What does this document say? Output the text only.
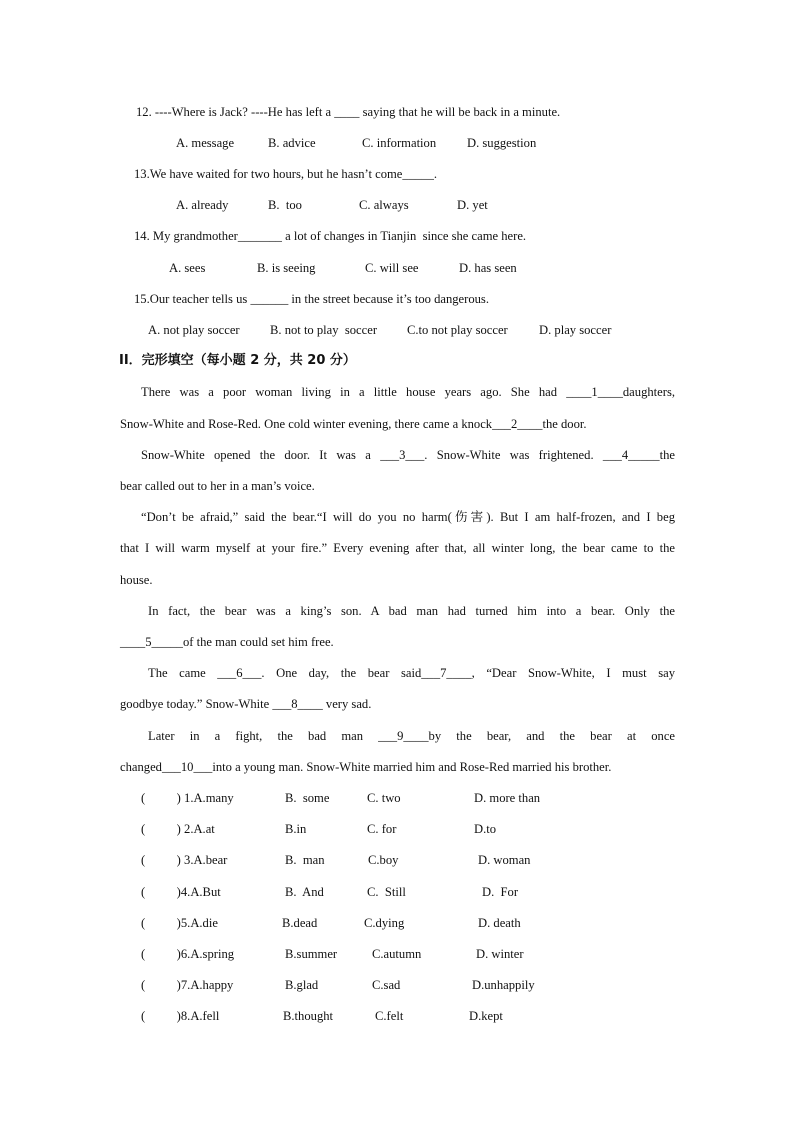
12. ----Where is Jack? ----He has left a ____ saying that he will be back in a minute.
A. message	B. advice	C. information D. suggestion
13.We have waited for two hours, but he hasn’t come_____.
A. already	B.  too	C. always	D. yet
14. My grandmother_______ a lot of changes in Tianjin  since she came here.
A. sees	B. is seeing	C. will see	D. has seen
15.Our teacher tells us ______ in the street because it’s too dangerous.
A. not play soccer B. not to play  soccer C.to not play soccer D. play soccer
II．完形填空（每小题 2 分，共 20 分）
There was a poor woman living in a little house years ago. She had ____1____daughters,
Snow-White and Rose-Red. One cold winter evening, there came a knock___2____the door.
Snow-White opened the door. It was a ___3___. Snow-White was frightened. ___4_____the
bear called out to her in a man’s voice.
“Don’t be afraid,” said the bear.“I will do you no harm(伤害). But I am half-frozen, and I beg
that I will warm myself at your fire.” Every evening after that, all winter long, the bear came to the
house.
In fact, the bear was a king’s son. A bad man had turned him into a bear. Only the
____5_____of the man could set him free.
The came ___6___. One day, the bear said___7____, “Dear Snow-White, I must say
goodbye today.” Snow-White ___8____ very sad.
Later in a fight, the bad man ___9____by the bear, and the bear at once
changed___10___into a young man. Snow-White married him and Rose-Red married his brother.
(          ) 1.A.many	B.  some	C. two	D. more than
(          ) 2.A.at	B.in	C. for	D.to
(          ) 3.A.bear	B.  man	C.boy	D. woman
(          )4.A.But	B.  And	C.  Still	D.  For
(          )5.A.die	B.dead	C.dying	D. death
(          )6.A.spring	B.summer	C.autumn	D. winter
(          )7.A.happy	B.glad	C.sad	D.unhappily
(          )8.A.fell	B.thought	C.felt	D.kept
